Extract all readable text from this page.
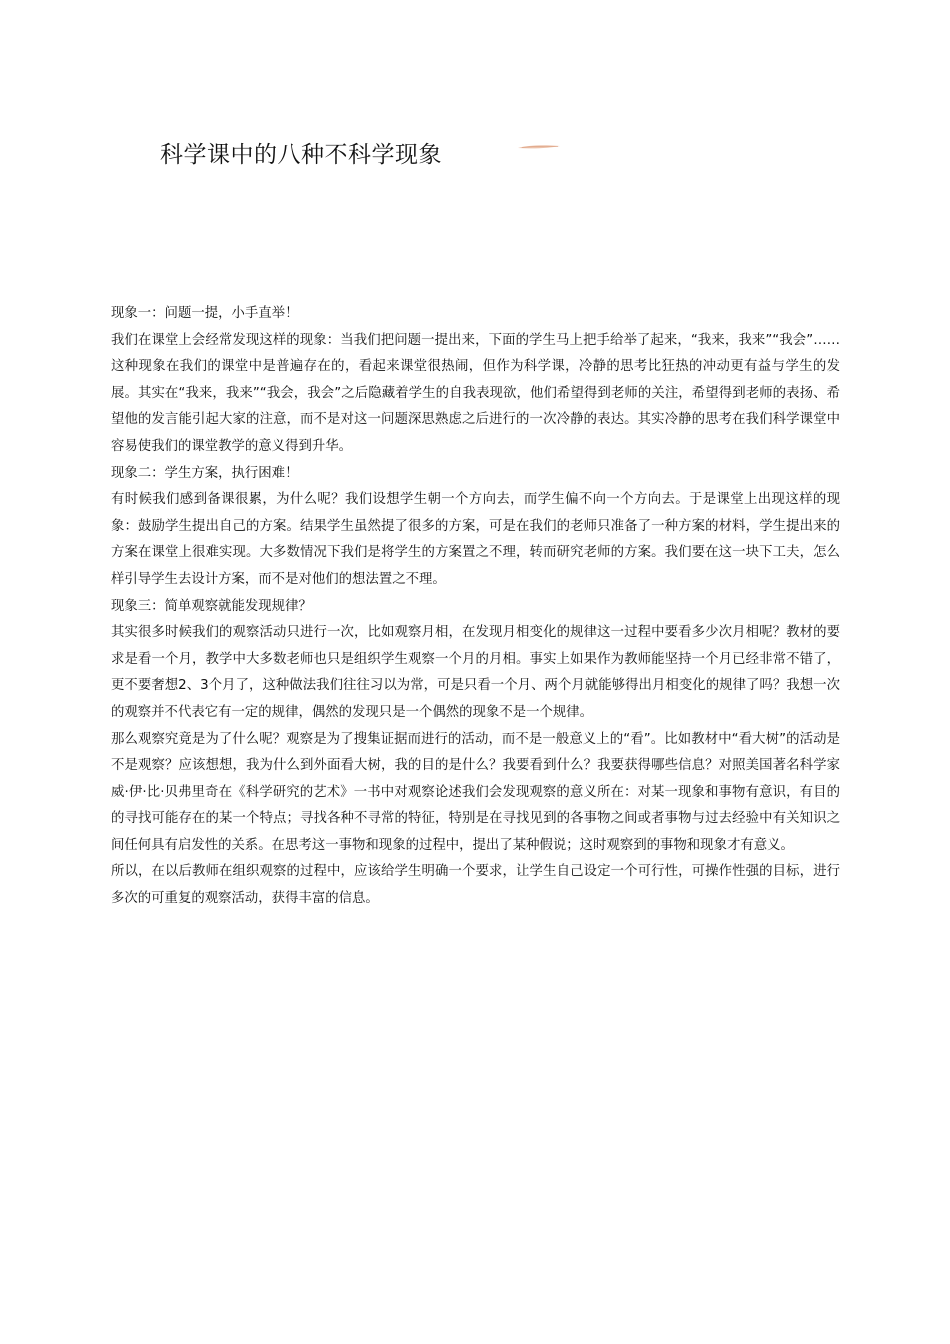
科学课中的八种不科学现象

现象一：问题一提，小手直举！

我们在课堂上会经常发现这样的现象：当我们把问题一提出来，下面的学生马上把手给举了起来，“我来，我来”“我会”……这种现象在我们的课堂中是普遍存在的，看起来课堂很热闹，但作为科学课，冷静的思考比狂热的冲动更有益与学生的发展。其实在“我来，我来”“我会，我会”之后隐藏着学生的自我表现欲，他们希望得到老师的关注，希望得到老师的表扬、希望他的发言能引起大家的注意，而不是对这一问题深思熟虑之后进行的一次冷静的表达。其实冷静的思考在我们科学课堂中容易使我们的课堂教学的意义得到升华。

现象二：学生方案，执行困难！

有时候我们感到备课很累，为什么呢？我们设想学生朝一个方向去，而学生偏不向一个方向去。于是课堂上出现这样的现象：鼓励学生提出自己的方案。结果学生虽然提了很多的方案，可是在我们的老师只准备了一种方案的材料，学生提出来的方案在课堂上很难实现。大多数情况下我们是将学生的方案置之不理，转而研究老师的方案。我们要在这一块下工夫，怎么样引导学生去设计方案，而不是对他们的想法置之不理。

现象三：简单观察就能发现规律？

其实很多时候我们的观察活动只进行一次，比如观察月相，在发现月相变化的规律这一过程中要看多少次月相呢？教材的要求是看一个月，教学中大多数老师也只是组织学生观察一个月的月相。事实上如果作为教师能坚持一个月已经非常不错了，更不要奢想2、3个月了，这种做法我们往往习以为常，可是只看一个月、两个月就能够得出月相变化的规律了吗？我想一次的观察并不代表它有一定的规律，偶然的发现只是一个偶然的现象不是一个规律。

那么观察究竟是为了什么呢？观察是为了搜集证据而进行的活动，而不是一般意义上的“看”。比如教材中“看大树”的活动是不是观察？应该想想，我为什么到外面看大树，我的目的是什么？我要看到什么？我要获得哪些信息？对照美国著名科学家威·伊·比·贝弗里奇在《科学研究的艺术》一书中对观察论述我们会发现观察的意义所在：对某一现象和事物有意识，有目的的寻找可能存在的某一个特点；寻找各种不寻常的特征，特别是在寻找见到的各事物之间或者事物与过去经验中有关知识之间任何具有启发性的关系。在思考这一事物和现象的过程中，提出了某种假说；这时观察到的事物和现象才有意义。

所以，在以后教师在组织观察的过程中，应该给学生明确一个要求，让学生自己设定一个可行性，可操作性强的目标，进行多次的可重复的观察活动，获得丰富的信息。
